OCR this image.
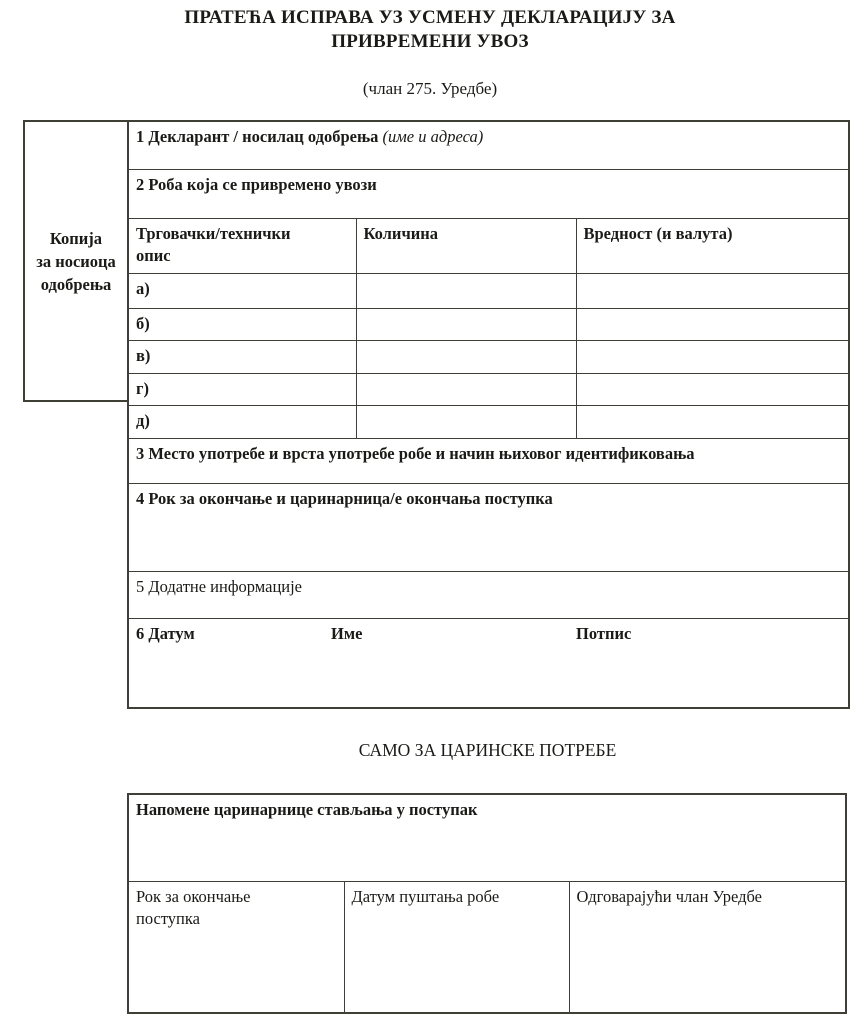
ПРАТЕЋА ИСПРАВА УЗ УСМЕНУ ДЕКЛАРАЦИЈУ ЗА
ПРИВРЕМЕНИ УВОЗ
(члан 275. Уредбе)
Копија
за носиоца
одобрења
1 Декларант / носилац одобрења (име и адреса)		
2 Роба која се привремено увози		
Трговачки/технички опис	Количина	Вредност (и валута)
а)		
б)		
в)		
г)		
д)		
3 Место употребе и врста употребе робе и начин њиховог идентификовања		
4 Рок за окончање и царинарница/е окончања поступка		
5 Додатне информације		

6 Датум Име Потпис		
САМО ЗА ЦАРИНСКЕ ПОТРЕБЕ
Напомене царинарнице стављања у поступак
Рок за окончање поступка	Датум пуштања робе	Одговарајући члан Уредбе
